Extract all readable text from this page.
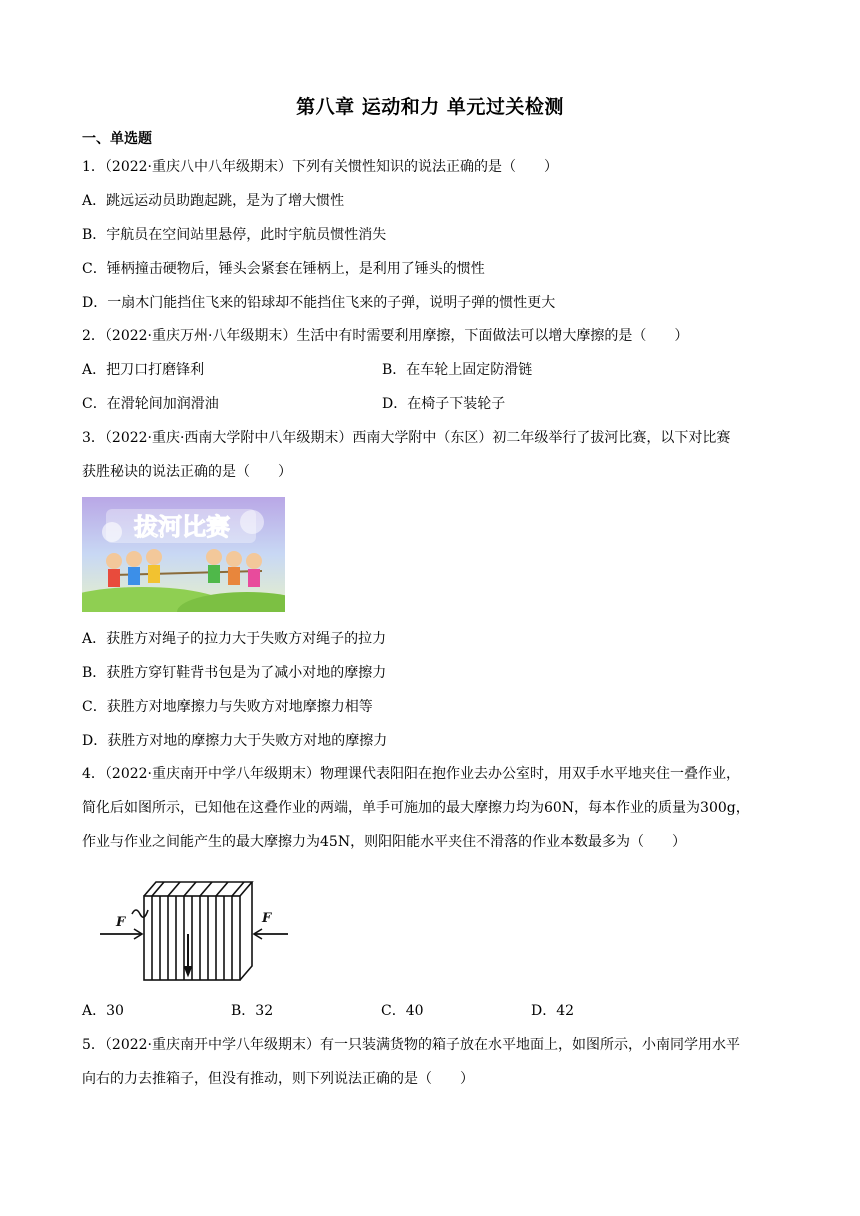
第八章 运动和力 单元过关检测
一、单选题
1．（2022·重庆八中八年级期末）下列有关惯性知识的说法正确的是（　　）
A．跳远运动员助跑起跳，是为了增大惯性
B．宇航员在空间站里悬停，此时宇航员惯性消失
C．锤柄撞击硬物后，锤头会紧套在锤柄上，是利用了锤头的惯性
D．一扇木门能挡住飞来的铅球却不能挡住飞来的子弹，说明子弹的惯性更大
2．（2022·重庆万州·八年级期末）生活中有时需要利用摩擦，下面做法可以增大摩擦的是（　　）
A．把刀口打磨锋利	B．在车轮上固定防滑链
C．在滑轮间加润滑油	D．在椅子下装轮子
3．（2022·重庆·西南大学附中八年级期末）西南大学附中（东区）初二年级举行了拔河比赛，以下对比赛
获胜秘诀的说法正确的是（　　）
拔河比赛
A．获胜方对绳子的拉力大于失败方对绳子的拉力
B．获胜方穿钉鞋背书包是为了减小对地的摩擦力
C．获胜方对地摩擦力与失败方对地摩擦力相等
D．获胜方对地的摩擦力大于失败方对地的摩擦力
4．（2022·重庆南开中学八年级期末）物理课代表阳阳在抱作业去办公室时，用双手水平地夹住一叠作业，
简化后如图所示，已知他在这叠作业的两端，单手可施加的最大摩擦力均为60N，每本作业的质量为300g，
作业与作业之间能产生的最大摩擦力为45N，则阳阳能水平夹住不滑落的作业本数最多为（　　）
F	F
A．30	B．32	C．40	D．42
5．（2022·重庆南开中学八年级期末）有一只装满货物的箱子放在水平地面上，如图所示，小南同学用水平
向右的力去推箱子，但没有推动，则下列说法正确的是（　　）
